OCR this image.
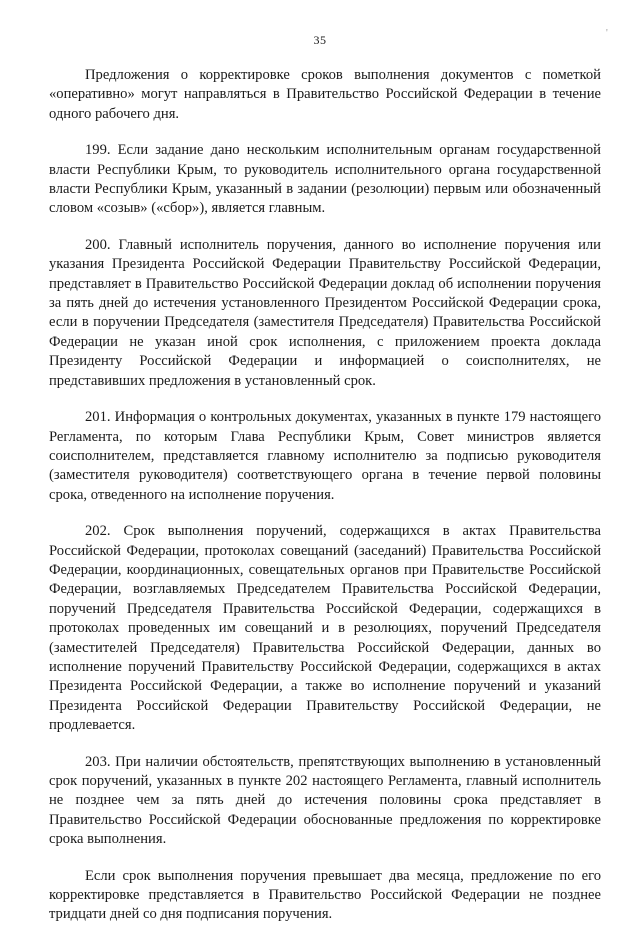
35	'

Предложения о корректировке сроков выполнения документов с пометкой «оперативно» могут направляться в Правительство Российской Федерации в течение одного рабочего дня.

199. Если задание дано нескольким исполнительным органам государственной власти Республики Крым, то руководитель исполнительного органа государственной власти Республики Крым, указанный в задании (резолюции) первым или обозначенный словом «созыв» («сбор»), является главным.

200. Главный исполнитель поручения, данного во исполнение поручения или указания Президента Российской Федерации Правительству Российской Федерации, представляет в Правительство Российской Федерации доклад об исполнении поручения за пять дней до истечения установленного Президентом Российской Федерации срока, если в поручении Председателя (заместителя Председателя) Правительства Российской Федерации не указан иной срок исполнения, с приложением проекта доклада Президенту Российской Федерации и информацией о соисполнителях, не представивших предложения в установленный срок.

201. Информация о контрольных документах, указанных в пункте 179 настоящего Регламента, по которым Глава Республики Крым, Совет министров является соисполнителем, представляется главному исполнителю за подписью руководителя (заместителя руководителя) соответствующего органа в течение первой половины срока, отведенного на исполнение поручения.

202. Срок выполнения поручений, содержащихся в актах Правительства Российской Федерации, протоколах совещаний (заседаний) Правительства Российской Федерации, координационных, совещательных органов при Правительстве Российской Федерации, возглавляемых Председателем Правительства Российской Федерации, поручений Председателя Правительства Российской Федерации, содержащихся в протоколах проведенных им совещаний и в резолюциях, поручений Председателя (заместителей Председателя) Правительства Российской Федерации, данных во исполнение поручений Правительству Российской Федерации, содержащихся в актах Президента Российской Федерации, а также во исполнение поручений и указаний Президента Российской Федерации Правительству Российской Федерации, не продлевается.

203. При наличии обстоятельств, препятствующих выполнению в установленный срок поручений, указанных в пункте 202 настоящего Регламента, главный исполнитель не позднее чем за пять дней до истечения половины срока представляет в Правительство Российской Федерации обоснованные предложения по корректировке срока выполнения.

Если срок выполнения поручения превышает два месяца, предложение по его корректировке представляется в Правительство Российской Федерации не позднее тридцати дней со дня подписания поручения.
